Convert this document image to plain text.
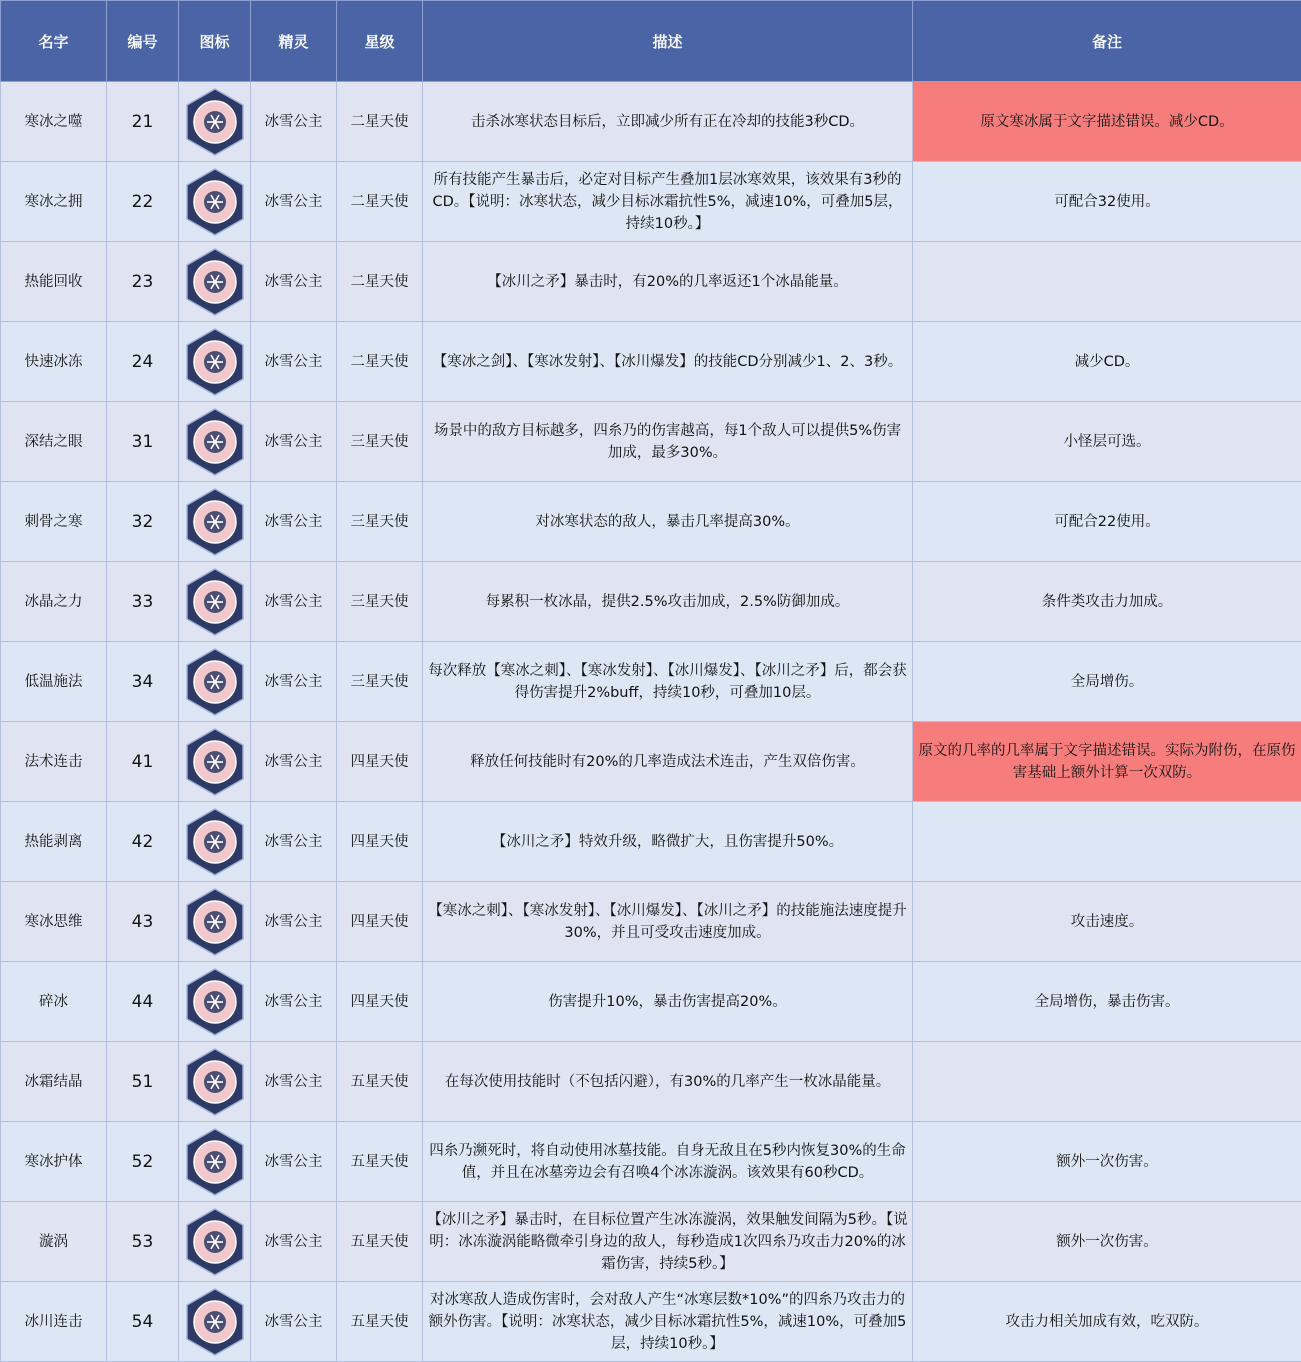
名字	编号	图标	精灵	星级	描述	备注
寒冰之噬	21		冰雪公主	二星天使	击杀冰寒状态目标后，立即减少所有正在冷却的技能3秒CD。	原文寒冰属于文字描述错误。减少CD。
寒冰之拥	22		冰雪公主	二星天使	所有技能产生暴击后，必定对目标产生叠加1层冰寒效果，该效果有3秒的CD。【说明：冰寒状态，减少目标冰霜抗性5%，减速10%，可叠加5层，持续10秒。】	可配合32使用。
热能回收	23		冰雪公主	二星天使	【冰川之矛】暴击时，有20%的几率返还1个冰晶能量。	
快速冰冻	24		冰雪公主	二星天使	【寒冰之剑】、【寒冰发射】、【冰川爆发】的技能CD分别减少1、2、3秒。	减少CD。
深结之眼	31		冰雪公主	三星天使	场景中的敌方目标越多，四糸乃的伤害越高，每1个敌人可以提供5%伤害加成，最多30%。	小怪层可选。
刺骨之寒	32		冰雪公主	三星天使	对冰寒状态的敌人，暴击几率提高30%。	可配合22使用。
冰晶之力	33		冰雪公主	三星天使	每累积一枚冰晶，提供2.5%攻击加成，2.5%防御加成。	条件类攻击力加成。
低温施法	34		冰雪公主	三星天使	每次释放【寒冰之刺】、【寒冰发射】、【冰川爆发】、【冰川之矛】后，都会获得伤害提升2%buff，持续10秒，可叠加10层。	全局增伤。
法术连击	41		冰雪公主	四星天使	释放任何技能时有20%的几率造成法术连击，产生双倍伤害。	原文的几率的几率属于文字描述错误。实际为附伤，在原伤害基础上额外计算一次双防。
热能剥离	42		冰雪公主	四星天使	【冰川之矛】特效升级，略微扩大，且伤害提升50%。	
寒冰思维	43		冰雪公主	四星天使	【寒冰之刺】、【寒冰发射】、【冰川爆发】、【冰川之矛】的技能施法速度提升30%，并且可受攻击速度加成。	攻击速度。
碎冰	44		冰雪公主	四星天使	伤害提升10%，暴击伤害提高20%。	全局增伤，暴击伤害。
冰霜结晶	51		冰雪公主	五星天使	在每次使用技能时（不包括闪避），有30%的几率产生一枚冰晶能量。	
寒冰护体	52		冰雪公主	五星天使	四糸乃濒死时，将自动使用冰墓技能。自身无敌且在5秒内恢复30%的生命值，并且在冰墓旁边会有召唤4个冰冻漩涡。该效果有60秒CD。	额外一次伤害。
漩涡	53		冰雪公主	五星天使	【冰川之矛】暴击时，在目标位置产生冰冻漩涡，效果触发间隔为5秒。【说明：冰冻漩涡能略微牵引身边的敌人，每秒造成1次四糸乃攻击力20%的冰霜伤害，持续5秒。】	额外一次伤害。
冰川连击	54		冰雪公主	五星天使	对冰寒敌人造成伤害时，会对敌人产生“冰寒层数*10%”的四糸乃攻击力的额外伤害。【说明：冰寒状态，减少目标冰霜抗性5%，减速10%，可叠加5层，持续10秒。】	攻击力相关加成有效，吃双防。
